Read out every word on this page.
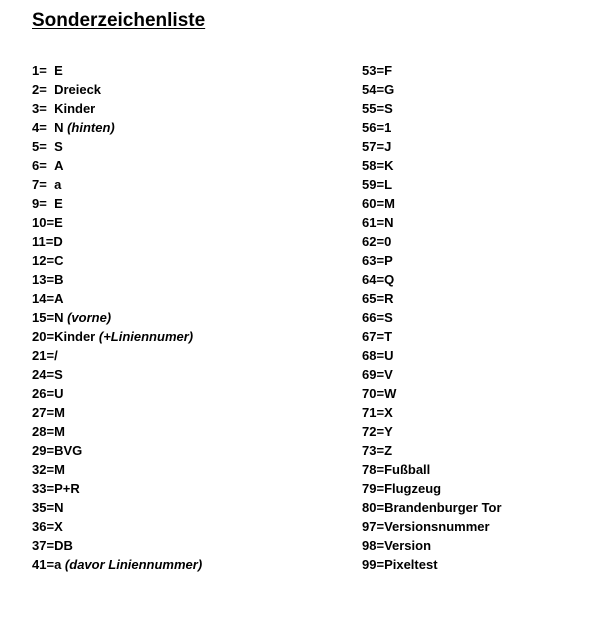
Sonderzeichenliste
1= E
2= Dreieck
3= Kinder
4= N (hinten)
5= S
6= A
7= a
9= E
10=E
11=D
12=C
13=B
14=A
15=N (vorne)
20=Kinder (+Liniennumer)
21=/
24=S
26=U
27=M
28=M
29=BVG
32=M
33=P+R
35=N
36=X
37=DB
41=a (davor Liniennummer)
53=F
54=G
55=S
56=1
57=J
58=K
59=L
60=M
61=N
62=0
63=P
64=Q
65=R
66=S
67=T
68=U
69=V
70=W
71=X
72=Y
73=Z
78=Fußball
79=Flugzeug
80=Brandenburger Tor
97=Versionsnummer
98=Version
99=Pixeltest
